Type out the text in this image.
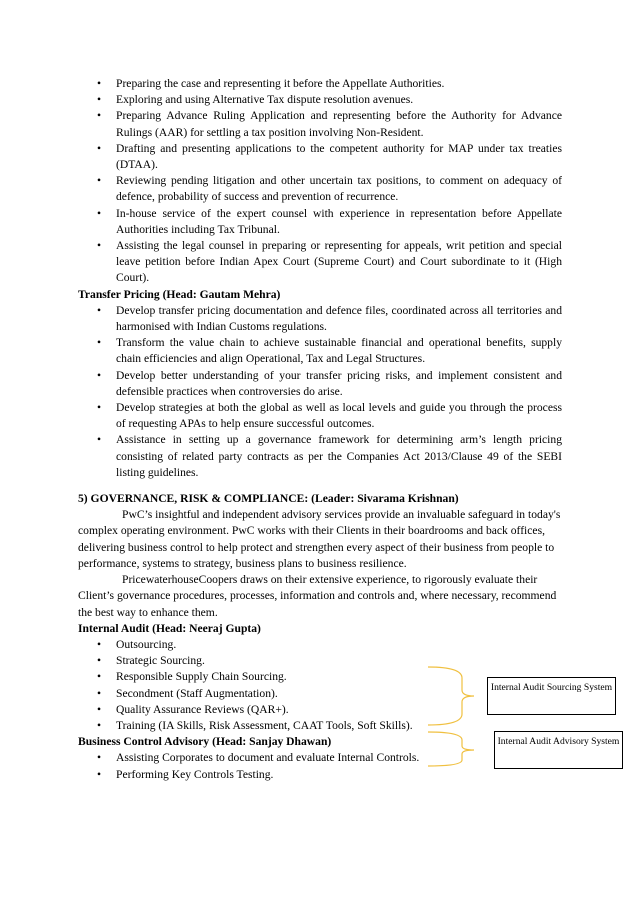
• Preparing the case and representing it before the Appellate Authorities.
• Exploring and using Alternative Tax dispute resolution avenues.
• Preparing Advance Ruling Application and representing before the Authority for Advance Rulings (AAR) for settling a tax position involving Non-Resident.
• Drafting and presenting applications to the competent authority for MAP under tax treaties (DTAA).
• Reviewing pending litigation and other uncertain tax positions, to comment on adequacy of defence, probability of success and prevention of recurrence.
• In-house service of the expert counsel with experience in representation before Appellate Authorities including Tax Tribunal.
• Assisting the legal counsel in preparing or representing for appeals, writ petition and special leave petition before Indian Apex Court (Supreme Court) and Court subordinate to it (High Court).
Transfer Pricing (Head: Gautam Mehra)
• Develop transfer pricing documentation and defence files, coordinated across all territories and harmonised with Indian Customs regulations.
• Transform the value chain to achieve sustainable financial and operational benefits, supply chain efficiencies and align Operational, Tax and Legal Structures.
• Develop better understanding of your transfer pricing risks, and implement consistent and defensible practices when controversies do arise.
• Develop strategies at both the global as well as local levels and guide you through the process of requesting APAs to help ensure successful outcomes.
• Assistance in setting up a governance framework for determining arm’s length pricing consisting of related party contracts as per the Companies Act 2013/Clause 49 of the SEBI listing guidelines.
5) GOVERNANCE, RISK & COMPLIANCE: (Leader: Sivarama Krishnan)

PwC’s insightful and independent advisory services provide an invaluable safeguard in today's complex operating environment. PwC works with their Clients in their boardrooms and back offices, delivering business control to help protect and strengthen every aspect of their business from people to performance, systems to strategy, business plans to business resilience.

PricewaterhouseCoopers draws on their extensive experience, to rigorously evaluate their Client’s governance procedures, processes, information and controls and, where necessary, recommend the best way to enhance them.

Internal Audit (Head: Neeraj Gupta)
• Outsourcing.
• Strategic Sourcing.
• Responsible Supply Chain Sourcing.
• Secondment (Staff Augmentation).
• Quality Assurance Reviews (QAR+).
• Training (IA Skills, Risk Assessment, CAAT Tools, Soft Skills).
Business Control Advisory (Head: Sanjay Dhawan)
• Assisting Corporates to document and evaluate Internal Controls.
• Performing Key Controls Testing.
Internal Audit Sourcing System
Internal Audit Advisory System
